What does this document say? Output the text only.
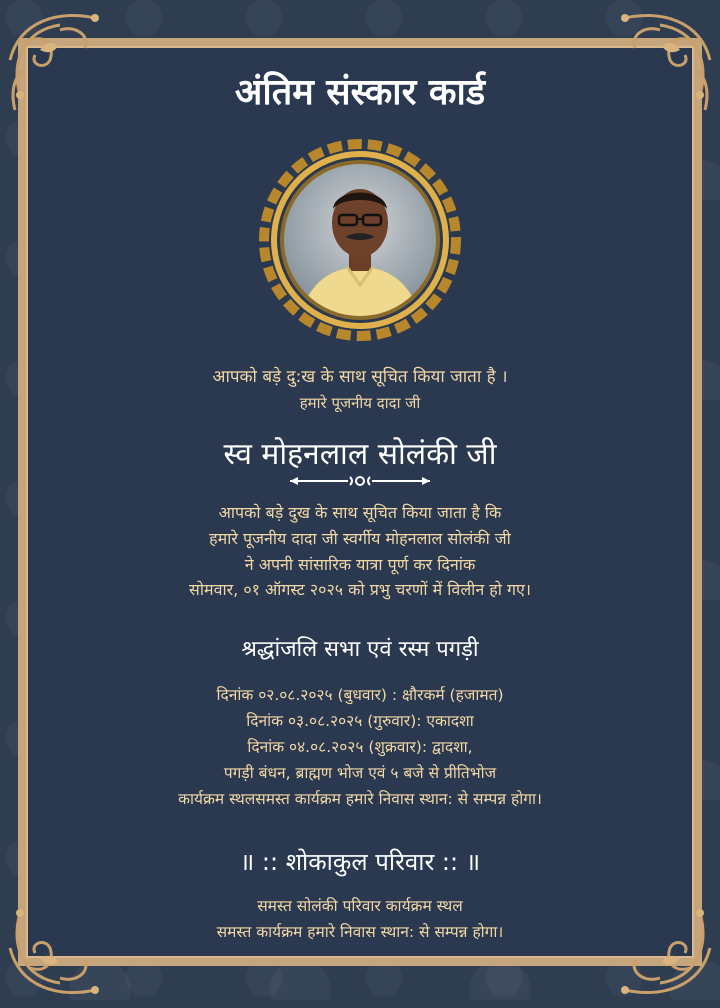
अंतिम संस्कार कार्ड
आपको बड़े दु:ख के साथ सूचित किया जाता है ।
हमारे पूजनीय दादा जी
स्व मोहनलाल सोलंकी जी
आपको बड़े दुख के साथ सूचित किया जाता है कि
हमारे पूजनीय दादा जी स्वर्गीय मोहनलाल सोलंकी जी
ने अपनी सांसारिक यात्रा पूर्ण कर दिनांक
सोमवार, ०१ ऑगस्ट २०२५ को प्रभु चरणों में विलीन हो गए।
श्रद्धांजलि सभा एवं रस्म पगड़ी
दिनांक ०२.०८.२०२५ (बुधवार) : क्षौरकर्म (हजामत)
दिनांक ०३.०८.२०२५ (गुरुवार): एकादशा
दिनांक ०४.०८.२०२५ (शुक्रवार): द्वादशा,
पगड़ी बंधन, ब्राह्मण भोज एवं ५ बजे से प्रीतिभोज
कार्यक्रम स्थलसमस्त कार्यक्रम हमारे निवास स्थान: से सम्पन्न होगा।
॥ :: शोकाकुल परिवार :: ॥
समस्त सोलंकी परिवार कार्यक्रम स्थल
समस्त कार्यक्रम हमारे निवास स्थान: से सम्पन्न होगा।
